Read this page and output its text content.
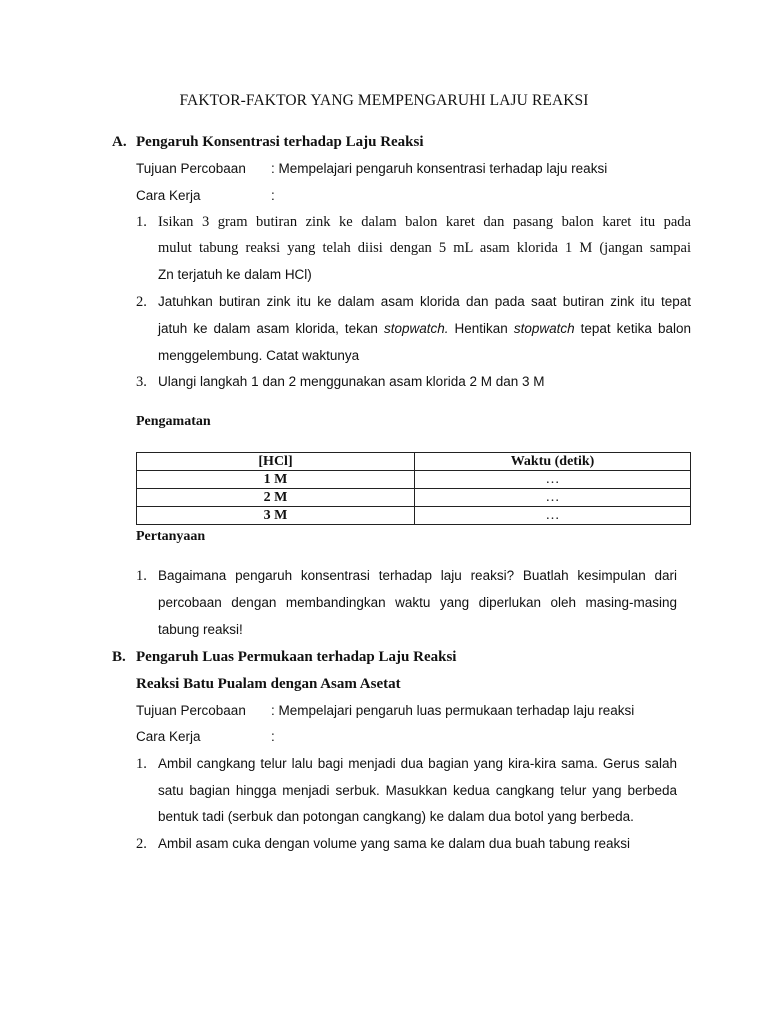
FAKTOR-FAKTOR YANG MEMPENGARUHI LAJU REAKSI
A. Pengaruh Konsentrasi terhadap Laju Reaksi
Tujuan Percobaan : Mempelajari pengaruh konsentrasi terhadap laju reaksi
Cara Kerja	:
1. Isikan 3 gram butiran zink ke dalam balon karet dan pasang balon karet itu pada
mulut tabung reaksi yang telah diisi dengan 5 mL asam klorida 1 M (jangan sampai
Zn terjatuh ke dalam HCl)
2. Jatuhkan butiran zink itu ke dalam asam klorida dan pada saat butiran zink itu tepat
jatuh ke dalam asam klorida, tekan stopwatch. Hentikan stopwatch tepat ketika balon
menggelembung. Catat waktunya
3. Ulangi langkah 1 dan 2 menggunakan asam klorida 2 M dan 3 M
Pengamatan
[HCl]	Waktu (detik)
1 M	…
2 M	…
3 M	…
Pertanyaan
1. Bagaimana pengaruh konsentrasi terhadap laju reaksi? Buatlah kesimpulan dari
percobaan dengan membandingkan waktu yang diperlukan oleh masing-masing
tabung reaksi!
B. Pengaruh Luas Permukaan terhadap Laju Reaksi
Reaksi Batu Pualam dengan Asam Asetat
Tujuan Percobaan : Mempelajari pengaruh luas permukaan terhadap laju reaksi
Cara Kerja	:
1. Ambil cangkang telur lalu bagi menjadi dua bagian yang kira-kira sama. Gerus salah
satu bagian hingga menjadi serbuk. Masukkan kedua cangkang telur yang berbeda
bentuk tadi (serbuk dan potongan cangkang) ke dalam dua botol yang berbeda.
2. Ambil asam cuka dengan volume yang sama ke dalam dua buah tabung reaksi
